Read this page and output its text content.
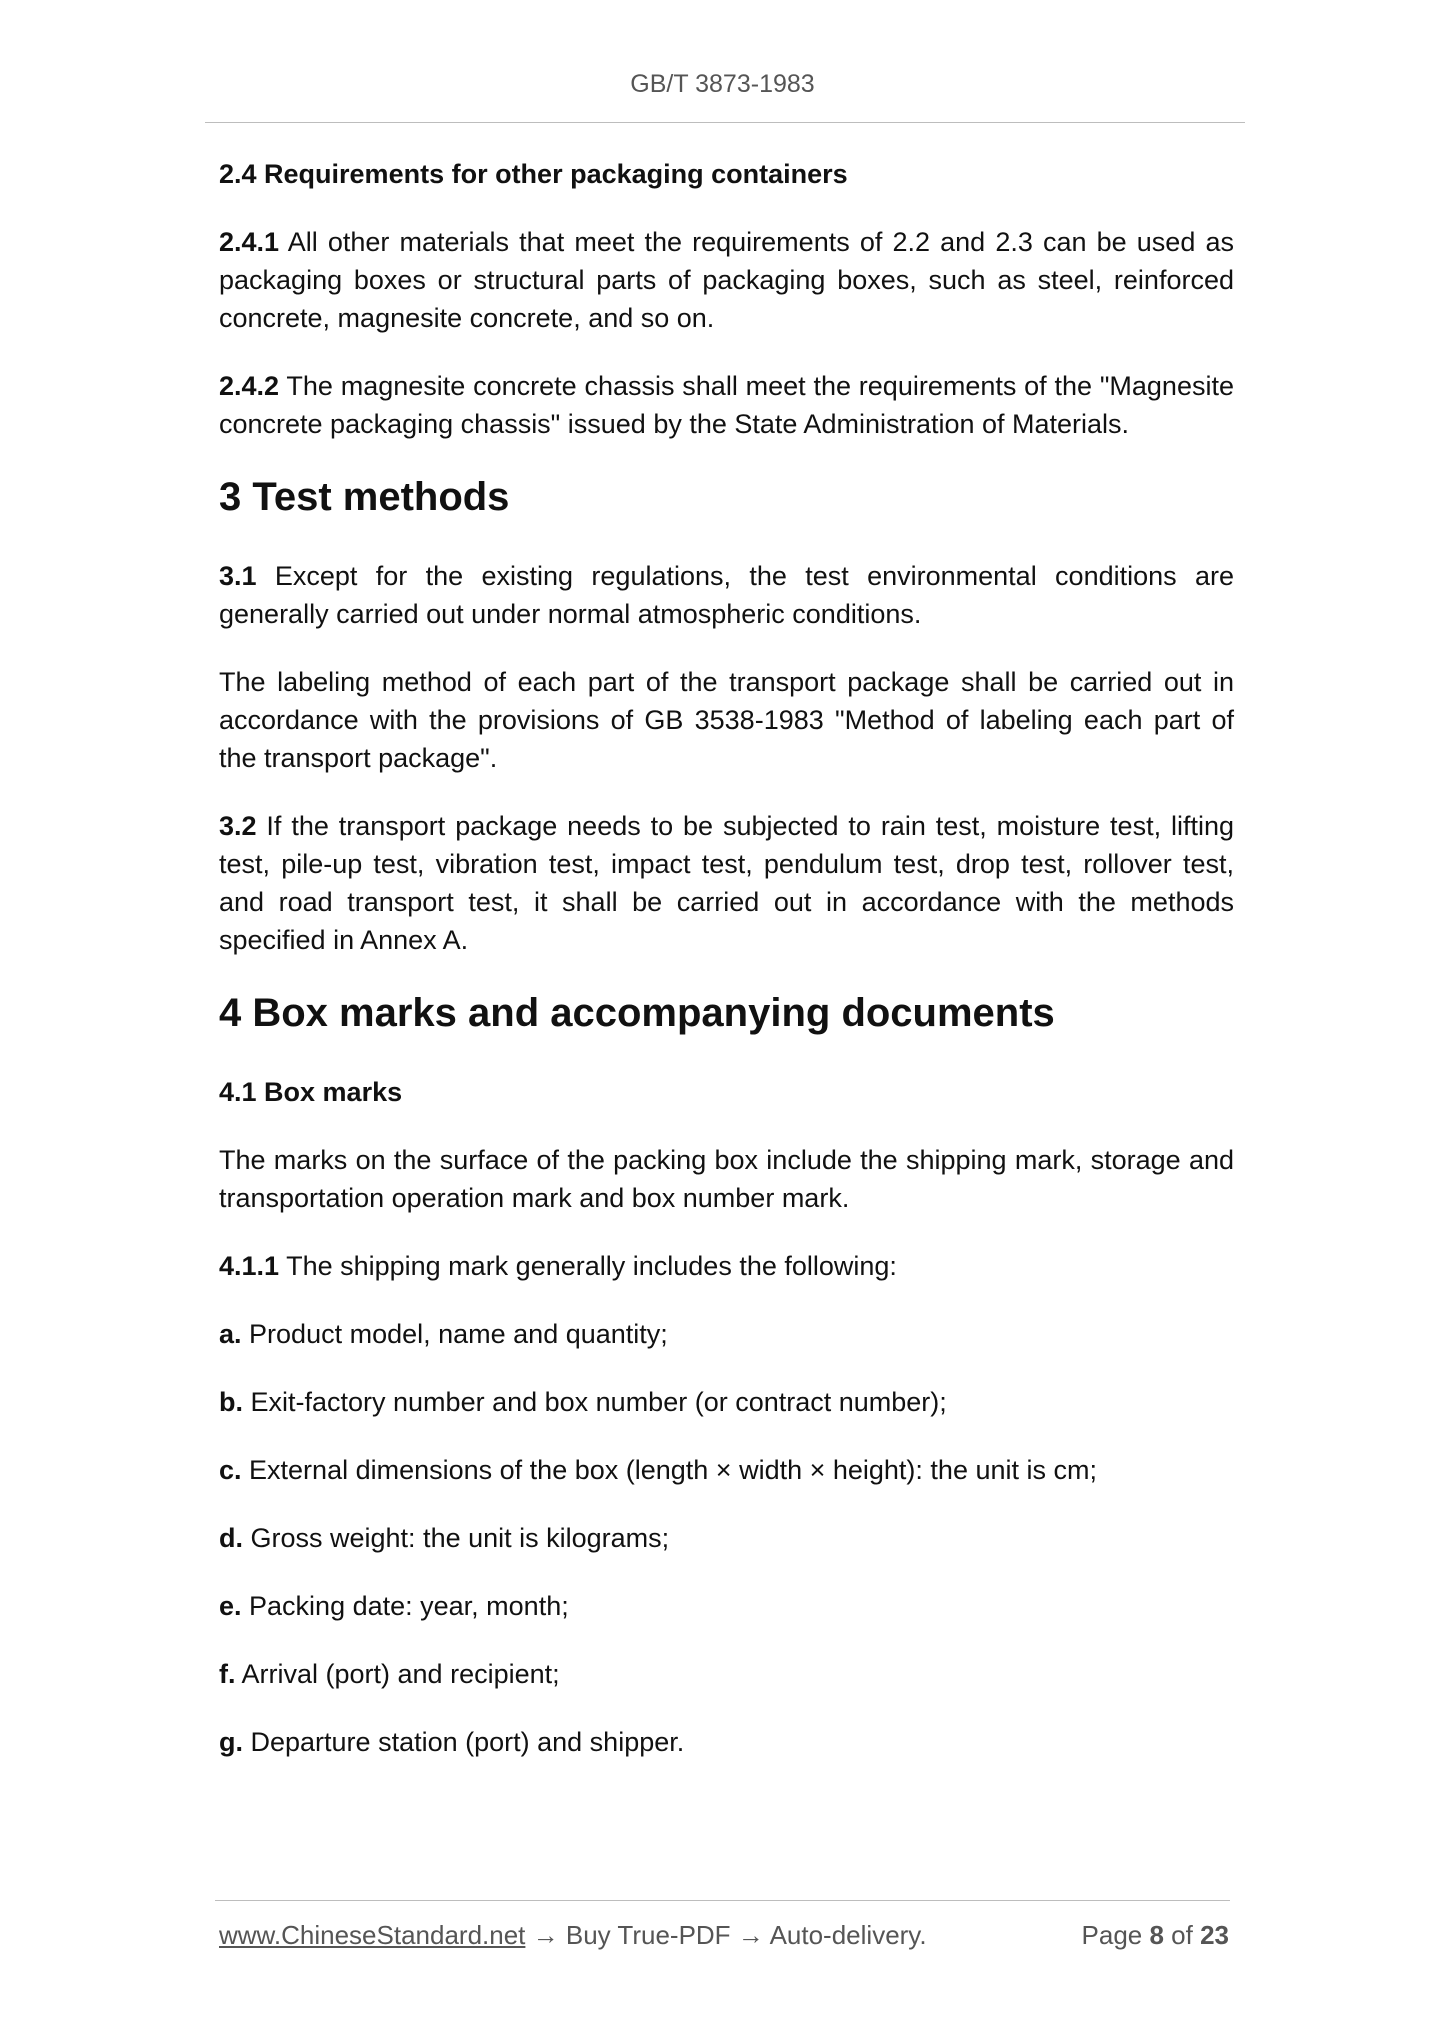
GB/T 3873-1983
2.4 Requirements for other packaging containers

2.4.1 All other materials that meet the requirements of 2.2 and 2.3 can be used as packaging boxes or structural parts of packaging boxes, such as steel, reinforced concrete, magnesite concrete, and so on.

2.4.2 The magnesite concrete chassis shall meet the requirements of the "Magnesite concrete packaging chassis" issued by the State Administration of Materials.

3 Test methods

3.1 Except for the existing regulations, the test environmental conditions are generally carried out under normal atmospheric conditions.

The labeling method of each part of the transport package shall be carried out in accordance with the provisions of GB 3538-1983 "Method of labeling each part of the transport package".

3.2 If the transport package needs to be subjected to rain test, moisture test, lifting test, pile-up test, vibration test, impact test, pendulum test, drop test, rollover test, and road transport test, it shall be carried out in accordance with the methods specified in Annex A.

4 Box marks and accompanying documents
4.1 Box marks

The marks on the surface of the packing box include the shipping mark, storage and transportation operation mark and box number mark.

4.1.1 The shipping mark generally includes the following:

a. Product model, name and quantity;

b. Exit-factory number and box number (or contract number);

c. External dimensions of the box (length × width × height): the unit is cm;

d. Gross weight: the unit is kilograms;

e. Packing date: year, month;

f. Arrival (port) and recipient;

g. Departure station (port) and shipper.

www.ChineseStandard.net → Buy True-PDF → Auto-delivery.	Page 8 of 23
